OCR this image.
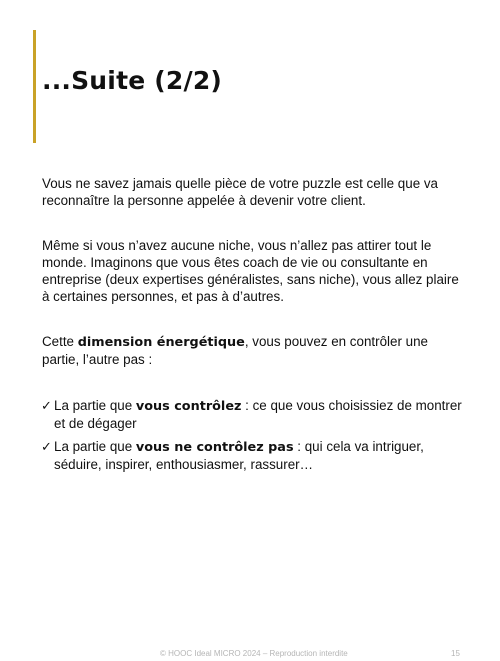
...Suite (2/2)

Vous ne savez jamais quelle pièce de votre puzzle est celle que va reconnaître la personne appelée à devenir votre client.

Même si vous n’avez aucune niche, vous n’allez pas attirer tout le monde. Imaginons que vous êtes coach de vie ou consultante en entreprise (deux expertises généralistes, sans niche), vous allez plaire à certaines personnes, et pas à d’autres.

Cette dimension énergétique, vous pouvez en contrôler une partie, l’autre pas :

✓ La partie que vous contrôlez : ce que vous choisissiez de montrer et de dégager
✓ La partie que vous ne contrôlez pas : qui cela va intriguer, séduire, inspirer, enthousiasmer, rassurer…
© HOOC Ideal MICRO 2024 – Reproduction interdite	15
